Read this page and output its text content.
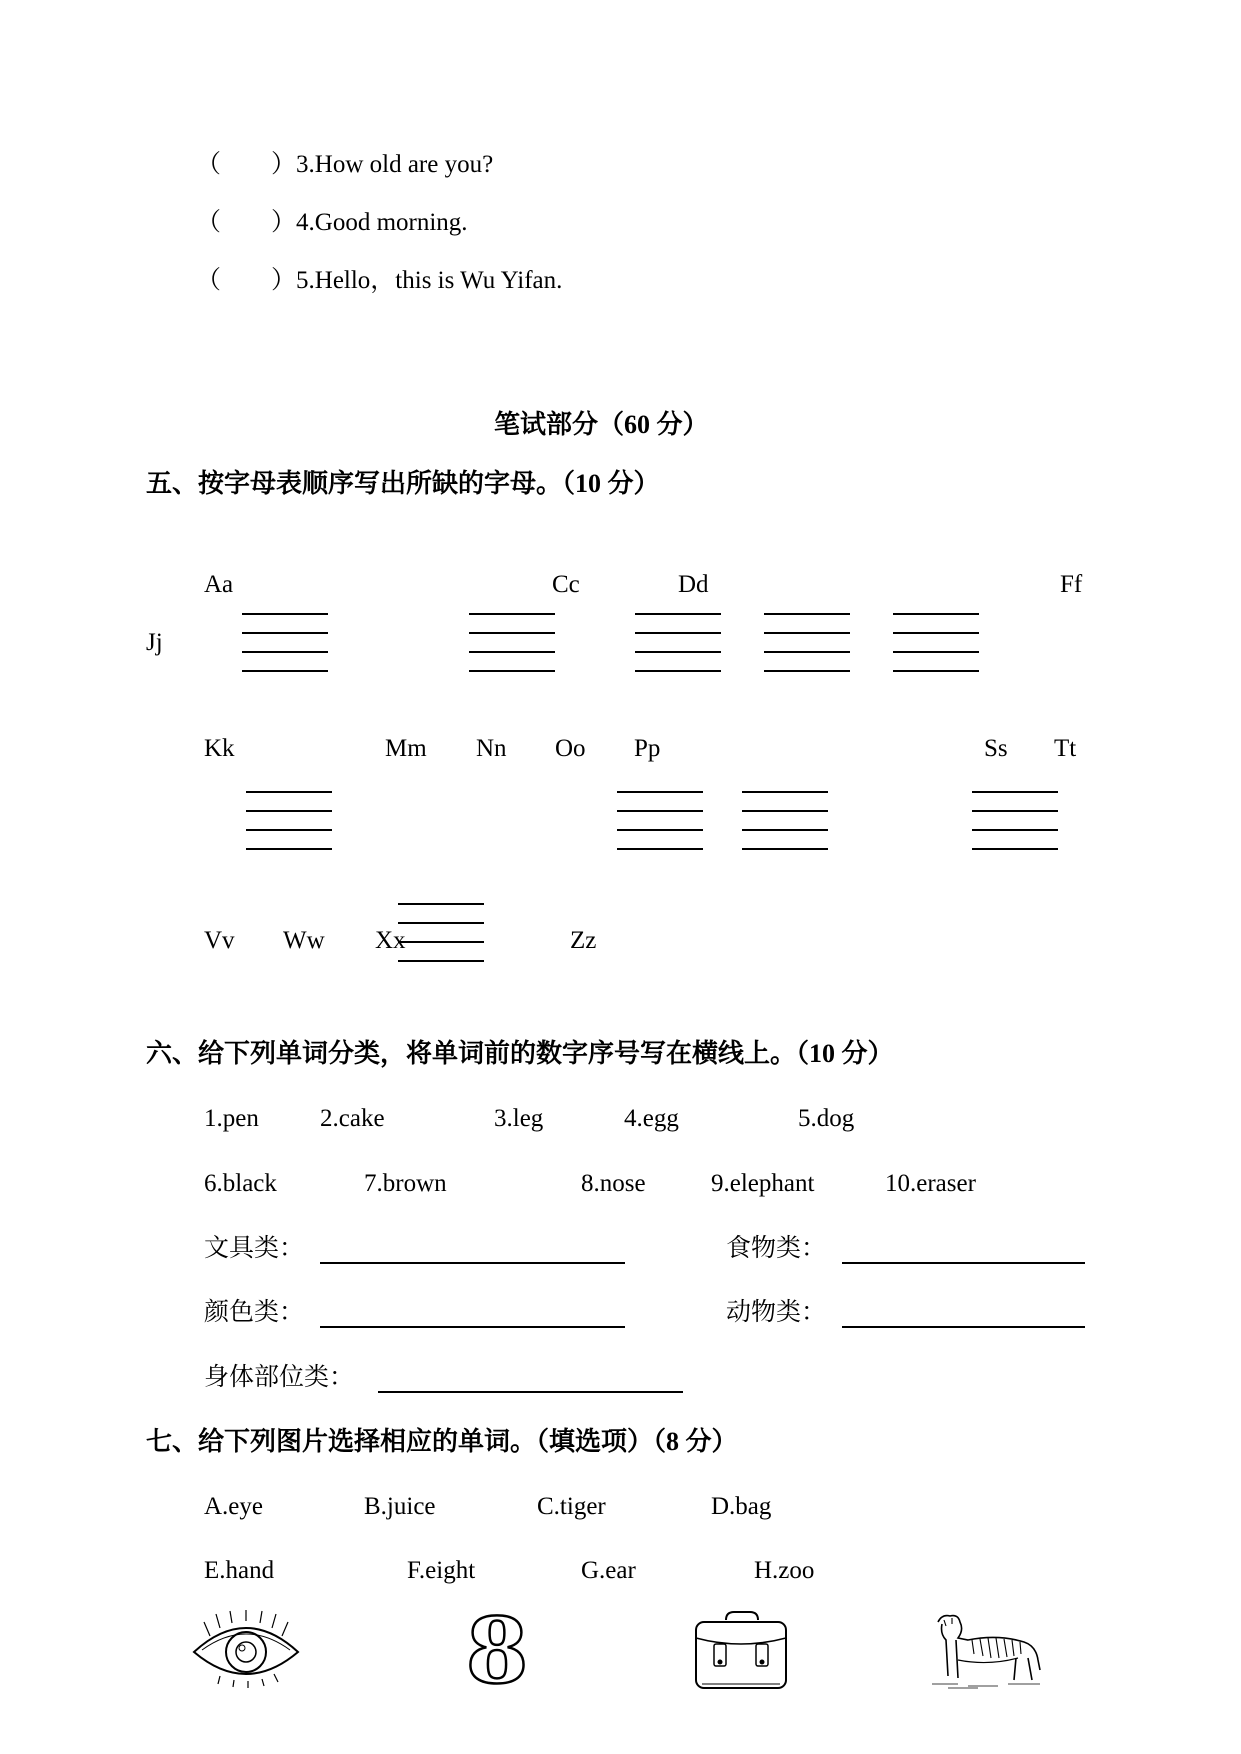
（　　）3.How old are you?
（　　）4.Good morning.
（　　）5.Hello，this is Wu Yifan.
笔试部分（60 分）
五、按字母表顺序写出所缺的字母。（10 分）
Aa	Cc	Dd	Ff
Jj
Kk	Mm Nn Oo Pp	Ss Tt
Vv Ww Xx	Zz
六、给下列单词分类，将单词前的数字序号写在横线上。（10 分）
1.pen 2.cake	3.leg	4.egg	5.dog
6.black	7.brown	8.nose	9.elephant	10.eraser
文具类：	食物类：
颜色类：	动物类：
身体部位类：
七、给下列图片选择相应的单词。（填选项）（8 分）
A.eye	B.juice	C.tiger	D.bag
E.hand	F.eight	G.ear	H.zoo
8
